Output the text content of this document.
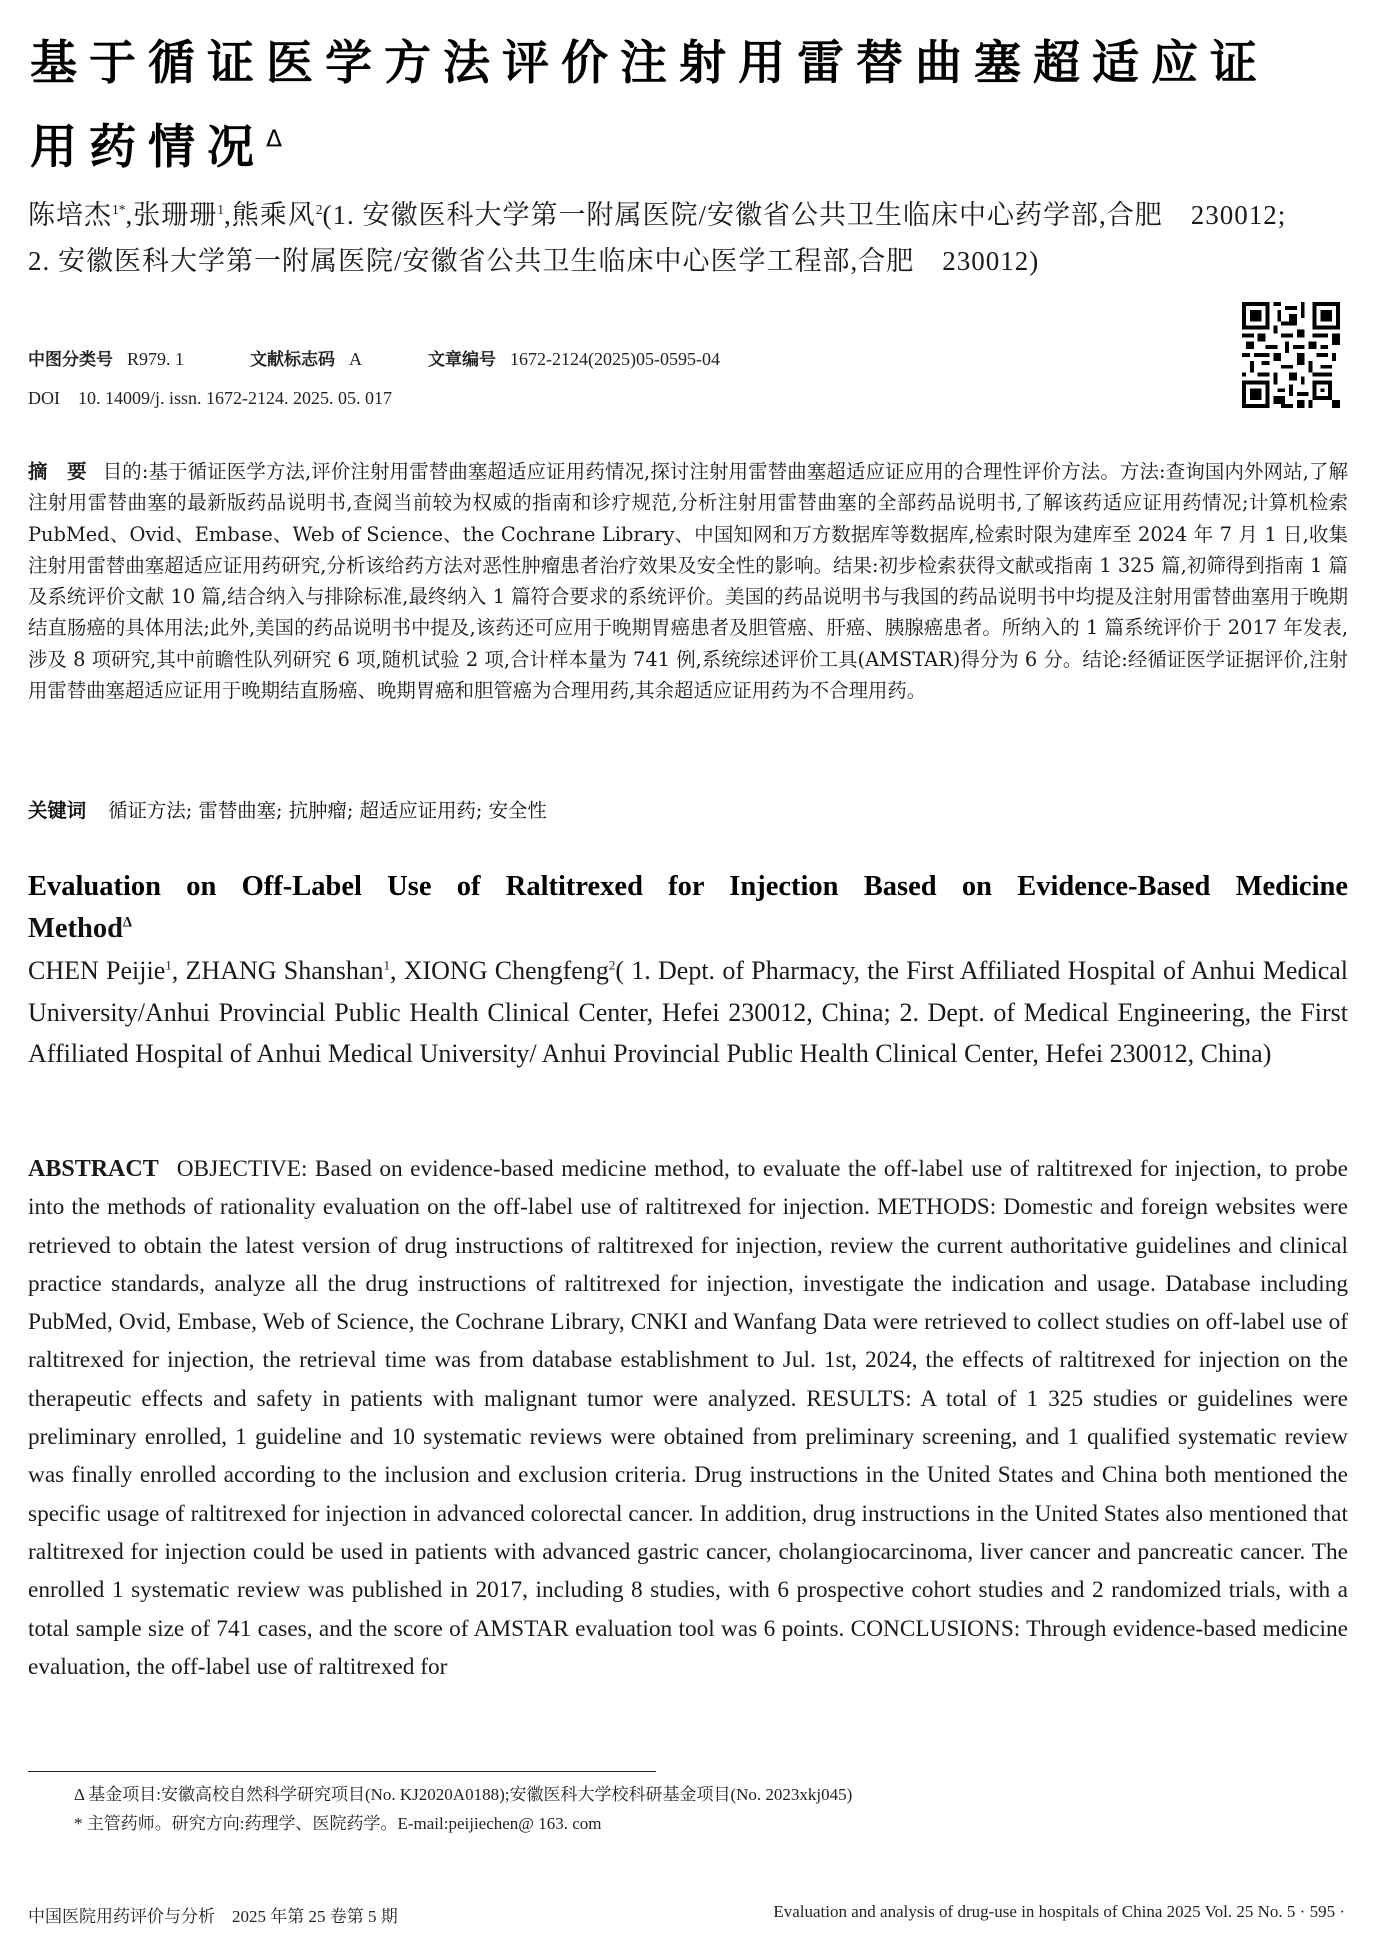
基于循证医学方法评价注射用雷替曲塞超适应证
用药情况$^\Delta$
陈培杰$^{1*}$,张珊珊$^1$,熊乘风$^2$(1. 安徽医科大学第一附属医院/安徽省公共卫生临床中心药学部,合肥　230012;
2. 安徽医科大学第一附属医院/安徽省公共卫生临床中心医学工程部,合肥　230012)
中图分类号 R979. 1	文献标志码 A	文章编号 1672-2124(2025)05-0595-04
DOI 10. 14009/j. issn. 1672-2124. 2025. 05. 017
摘　要 目的:基于循证医学方法,评价注射用雷替曲塞超适应证用药情况,探讨注射用雷替曲塞超适应证应用的合理性评价方法。方法:查询国内外网站,了解注射用雷替曲塞的最新版药品说明书,查阅当前较为权威的指南和诊疗规范,分析注射用雷替曲塞的全部药品说明书,了解该药适应证用药情况;计算机检索 PubMed、Ovid、Embase、Web of Science、the Cochrane Library、中国知网和万方数据库等数据库,检索时限为建库至 2024 年 7 月 1 日,收集注射用雷替曲塞超适应证用药研究,分析该给药方法对恶性肿瘤患者治疗效果及安全性的影响。结果:初步检索获得文献或指南 1 325 篇,初筛得到指南 1 篇及系统评价文献 10 篇,结合纳入与排除标准,最终纳入 1 篇符合要求的系统评价。美国的药品说明书与我国的药品说明书中均提及注射用雷替曲塞用于晚期结直肠癌的具体用法;此外,美国的药品说明书中提及,该药还可应用于晚期胃癌患者及胆管癌、肝癌、胰腺癌患者。所纳入的 1 篇系统评价于 2017 年发表,涉及 8 项研究,其中前瞻性队列研究 6 项,随机试验 2 项,合计样本量为 741 例,系统综述评价工具(AMSTAR)得分为 6 分。结论:经循证医学证据评价,注射用雷替曲塞超适应证用于晚期结直肠癌、晚期胃癌和胆管癌为合理用药,其余超适应证用药为不合理用药。
关键词 循证方法; 雷替曲塞; 抗肿瘤; 超适应证用药; 安全性
Evaluation on Off-Label Use of Raltitrexed for Injection Based on Evidence-Based Medicine
Method$^\Delta$
CHEN Peijie$^1$, ZHANG Shanshan$^1$, XIONG Chengfeng$^2$( 1. Dept. of Pharmacy, the First Affiliated Hospital of Anhui Medical University/Anhui Provincial Public Health Clinical Center, Hefei 230012, China; 2. Dept. of Medical Engineering, the First Affiliated Hospital of Anhui Medical University/ Anhui Provincial Public Health Clinical Center, Hefei 230012, China)
ABSTRACT OBJECTIVE: Based on evidence-based medicine method, to evaluate the off-label use of raltitrexed for injection, to probe into the methods of rationality evaluation on the off-label use of raltitrexed for injection. METHODS: Domestic and foreign websites were retrieved to obtain the latest version of drug instructions of raltitrexed for injection, review the current authoritative guidelines and clinical practice standards, analyze all the drug instructions of raltitrexed for injection, investigate the indication and usage. Database including PubMed, Ovid, Embase, Web of Science, the Cochrane Library, CNKI and Wanfang Data were retrieved to collect studies on off-label use of raltitrexed for injection, the retrieval time was from database establishment to Jul. 1st, 2024, the effects of raltitrexed for injection on the therapeutic effects and safety in patients with malignant tumor were analyzed. RESULTS: A total of 1 325 studies or guidelines were preliminary enrolled, 1 guideline and 10 systematic reviews were obtained from preliminary screening, and 1 qualified systematic review was finally enrolled according to the inclusion and exclusion criteria. Drug instructions in the United States and China both mentioned the specific usage of raltitrexed for injection in advanced colorectal cancer. In addition, drug instructions in the United States also mentioned that raltitrexed for injection could be used in patients with advanced gastric cancer, cholangiocarcinoma, liver cancer and pancreatic cancer. The enrolled 1 systematic review was published in 2017, including 8 studies, with 6 prospective cohort studies and 2 randomized trials, with a total sample size of 741 cases, and the score of AMSTAR evaluation tool was 6 points. CONCLUSIONS: Through evidence-based medicine evaluation, the off-label use of raltitrexed for
Δ 基金项目:安徽高校自然科学研究项目(No. KJ2020A0188);安徽医科大学校科研基金项目(No. 2023xkj045)
* 主管药师。研究方向:药理学、医院药学。E-mail:peijiechen@ 163. com
中国医院用药评价与分析　2025 年第 25 卷第 5 期	Evaluation and analysis of drug-use in hospitals of China 2025 Vol. 25 No. 5 · 595 ·
